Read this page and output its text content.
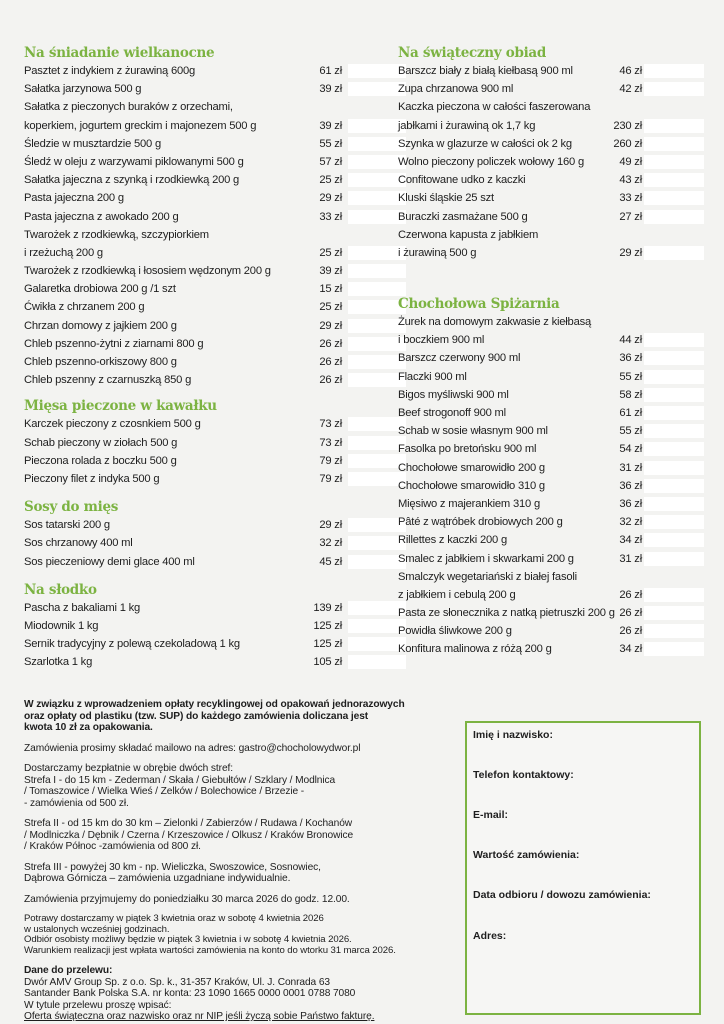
Na śniadanie wielkanocne
Pasztet z indykiem z żurawiną 600g	61 zł
Sałatka jarzynowa 500 g	39 zł
Sałatka z pieczonych buraków z orzechami,
koperkiem, jogurtem greckim i majonezem 500 g	39 zł
Śledzie w musztardzie 500 g	55 zł
Śledź w oleju z warzywami piklowanymi 500 g	57 zł
Sałatka jajeczna z szynką i rzodkiewką 200 g	25 zł
Pasta jajeczna 200 g	29 zł
Pasta jajeczna z awokado 200 g	33 zł
Twarożek z rzodkiewką, szczypiorkiem
i rzeżuchą 200 g	25 zł
Twarożek z rzodkiewką i łososiem wędzonym 200 g	39 zł
Galaretka drobiowa 200 g /1 szt	15 zł
Ćwikła z chrzanem 200 g	25 zł
Chrzan domowy z jajkiem 200 g	29 zł
Chleb pszenno-żytni z ziarnami 800 g	26 zł
Chleb pszenno-orkiszowy 800 g	26 zł
Chleb pszenny z czarnuszką 850 g	26 zł
Mięsa pieczone w kawałku
Karczek pieczony z czosnkiem 500 g	73 zł
Schab pieczony w ziołach 500 g	73 zł
Pieczona rolada z boczku 500 g	79 zł
Pieczony filet z indyka 500 g	79 zł
Sosy do mięs
Sos tatarski 200 g	29 zł
Sos chrzanowy 400 ml	32 zł
Sos pieczeniowy demi glace 400 ml	45 zł
Na słodko
Pascha z bakaliami 1 kg	139 zł
Miodownik 1 kg	125 zł
Sernik tradycyjny z polewą czekoladową 1 kg	125 zł
Szarlotka 1 kg	105 zł
Na świąteczny obiad
Barszcz biały z białą kiełbasą 900 ml	46 zł
Zupa chrzanowa 900 ml	42 zł
Kaczka pieczona w całości faszerowana
jabłkami i żurawiną ok 1,7 kg	230 zł
Szynka w glazurze w całości ok 2 kg	260 zł
Wolno pieczony policzek wołowy 160 g	49 zł
Confitowane udko z kaczki	43 zł
Kluski śląskie 25 szt	33 zł
Buraczki zasmażane 500 g	27 zł
Czerwona kapusta z jabłkiem
i żurawiną 500 g	29 zł
Chochołowa Spiżarnia
Żurek na domowym zakwasie z kiełbasą
i boczkiem 900 ml	44 zł
Barszcz czerwony 900 ml	36 zł
Flaczki 900 ml	55 zł
Bigos myśliwski 900 ml	58 zł
Beef strogonoff 900 ml	61 zł
Schab w sosie własnym 900 ml	55 zł
Fasolka po bretońsku 900 ml	54 zł
Chochołowe smarowidło 200 g	31 zł
Chochołowe smarowidło 310 g	36 zł
Mięsiwo z majerankiem 310 g	36 zł
Pâté z wątróbek drobiowych 200 g	32 zł
Rillettes z kaczki 200 g	34 zł
Smalec z jabłkiem i skwarkami 200 g	31 zł
Smalczyk wegetariański z białej fasoli
z jabłkiem i cebulą 200 g	26 zł
Pasta ze słonecznika z natką pietruszki 200 g 26 zł
Powidła śliwkowe 200 g	26 zł
Konfitura malinowa z różą 200 g	34 zł

W związku z wprowadzeniem opłaty recyklingowej od opakowań jednorazowych

oraz opłaty od plastiku (tzw. SUP) do każdego zamówienia doliczana jest

kwota 10 zł za opakowania.

Zamówienia prosimy składać mailowo na adres: gastro@chocholowydwor.pl

Dostarczamy bezpłatnie w obrębie dwóch stref:

Strefa I - do 15 km - Zederman / Skała / Giebułtów / Szklary / Modlnica

/ Tomaszowice / Wielka Wieś / Zelków / Bolechowice / Brzezie -

- zamówienia od 500 zł.

Strefa II - od 15 km do 30 km – Zielonki / Zabierzów / Rudawa / Kochanów

/ Modlniczka / Dębnik / Czerna / Krzeszowice / Olkusz / Kraków Bronowice

/ Kraków Północ -zamówienia od 800 zł.

Strefa III - powyżej 30 km - np. Wieliczka, Swoszowice, Sosnowiec,

Dąbrowa Górnicza – zamówienia uzgadniane indywidualnie.

Zamówienia przyjmujemy do poniedziałku 30 marca 2026 do godz. 12.00.

Potrawy dostarczamy w piątek 3 kwietnia oraz w sobotę 4 kwietnia 2026

w ustalonych wcześniej godzinach.

Odbiór osobisty możliwy będzie w piątek 3 kwietnia i w sobotę 4 kwietnia 2026.

Warunkiem realizacji jest wpłata wartości zamówienia na konto do wtorku 31 marca 2026.

Dane do przelewu:

Dwór AMV Group Sp. z o.o. Sp. k., 31-357 Kraków, Ul. J. Conrada 63

Santander Bank Polska S.A. nr konta: 23 1090 1665 0000 0001 0788 7080

W tytule przelewu proszę wpisać:

Oferta świąteczna oraz nazwisko oraz nr NIP jeśli życzą sobie Państwo fakturę.

Imię i nazwisko:
Telefon kontaktowy:
E-mail:
Wartość zamówienia:
Data odbioru / dowozu zamówienia:
Adres:
